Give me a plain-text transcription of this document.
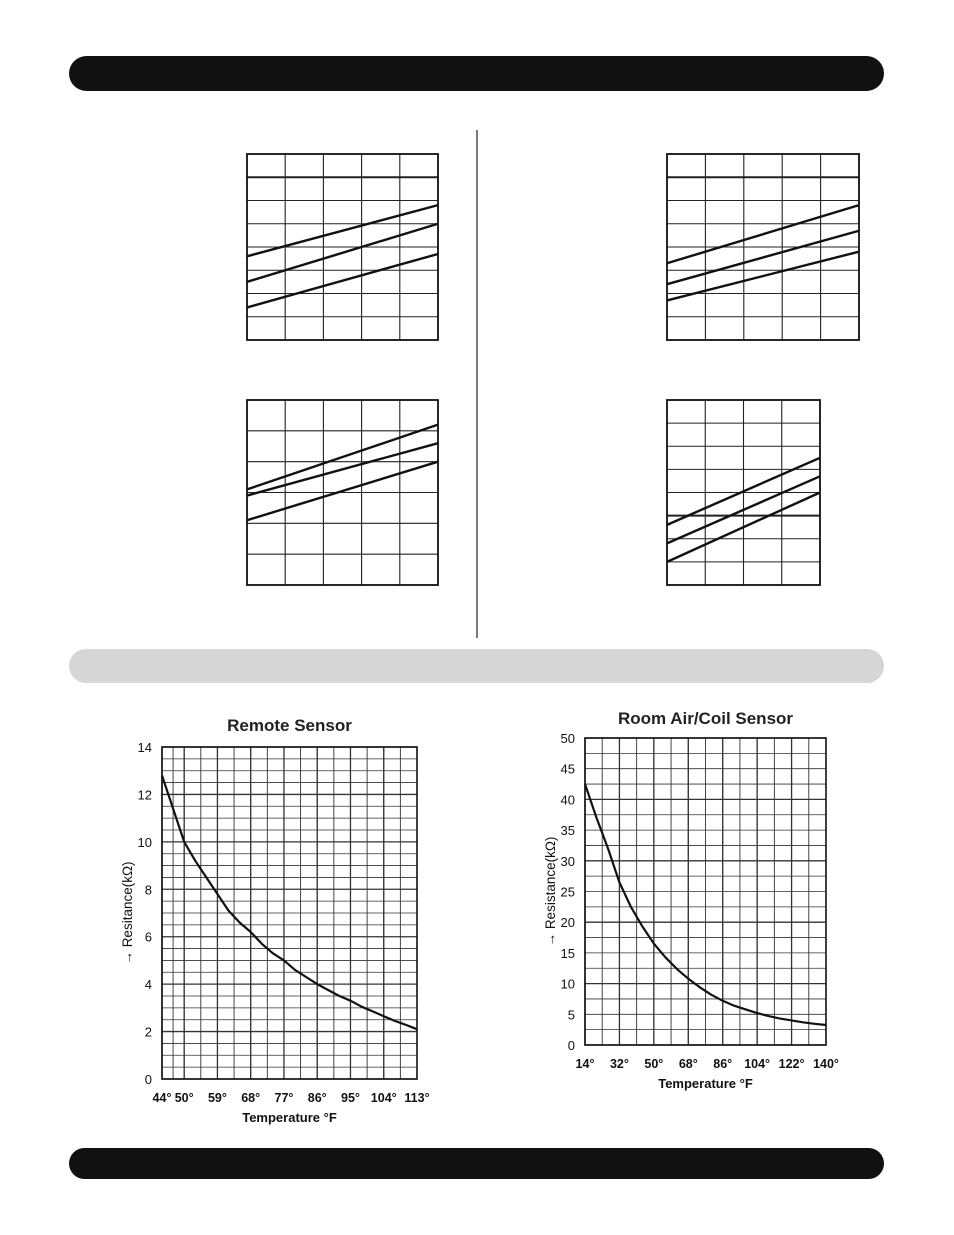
Remote Sensor
0
2
4
6
8
10
12
14
44° 50° 59° 68° 77° 86° 95° 104° 113°
Temperature °F
→ Resitance(kΩ)
Room Air/Coil Sensor
0
5
10
15
20
25
30
35
40
45
50
14° 32° 50° 68° 86° 104° 122° 140°
Temperature °F
→ Resistance(kΩ)
